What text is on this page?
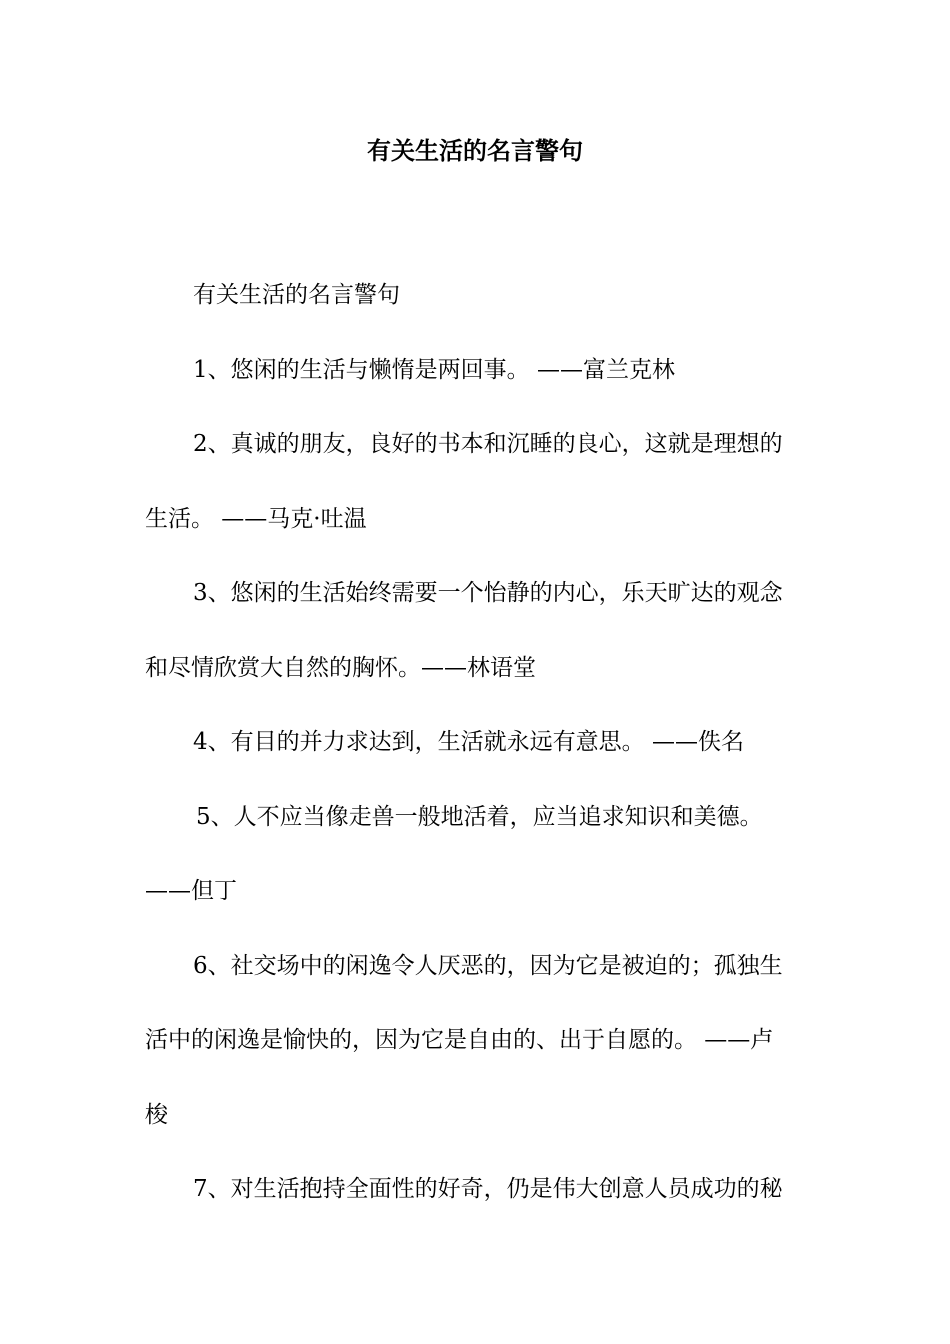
有关生活的名言警句
有关生活的名言警句
1、悠闲的生活与懒惰是两回事。 ——富兰克林
2、真诚的朋友，良好的书本和沉睡的良心，这就是理想的
生活。 ——马克·吐温
3、悠闲的生活始终需要一个怡静的内心，乐天旷达的观念
和尽情欣赏大自然的胸怀。——林语堂
4、有目的并力求达到，生活就永远有意思。 ——佚名
5、人不应当像走兽一般地活着，应当追求知识和美德。
——但丁
6、社交场中的闲逸令人厌恶的，因为它是被迫的；孤独生
活中的闲逸是愉快的，因为它是自由的、出于自愿的。 ——卢
梭
7、对生活抱持全面性的好奇，仍是伟大创意人员成功的秘
